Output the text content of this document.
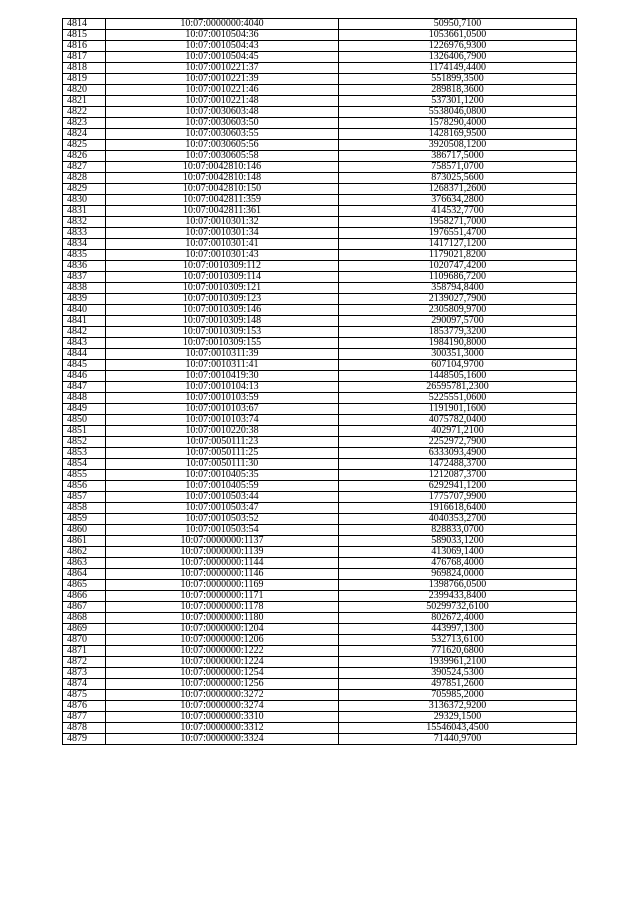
4814	10:07:0000000:4040	50950,7100
4815	10:07:0010504:36	1053661,0500
4816	10:07:0010504:43	1226976,9300
4817	10:07:0010504:45	1326406,7900
4818	10:07:0010221:37	1174149,4400
4819	10:07:0010221:39	551899,3500
4820	10:07:0010221:46	289818,3600
4821	10:07:0010221:48	537301,1200
4822	10:07:0030603:48	5538046,0800
4823	10:07:0030603:50	1578290,4000
4824	10:07:0030603:55	1428169,9500
4825	10:07:0030605:56	3920508,1200
4826	10:07:0030605:58	386717,5000
4827	10:07:0042810:146	758571,0700
4828	10:07:0042810:148	873025,5600
4829	10:07:0042810:150	1268371,2600
4830	10:07:0042811:359	376634,2800
4831	10:07:0042811:361	414532,7700
4832	10:07:0010301:32	1958271,7000
4833	10:07:0010301:34	1976551,4700
4834	10:07:0010301:41	1417127,1200
4835	10:07:0010301:43	1179021,8200
4836	10:07:0010309:112	1020747,4200
4837	10:07:0010309:114	1109686,7200
4838	10:07:0010309:121	358794,8400
4839	10:07:0010309:123	2139027,7900
4840	10:07:0010309:146	2305809,9700
4841	10:07:0010309:148	290097,5700
4842	10:07:0010309:153	1853779,3200
4843	10:07:0010309:155	1984190,8000
4844	10:07:0010311:39	300351,3000
4845	10:07:0010311:41	607104,9700
4846	10:07:0010419:30	1448505,1600
4847	10:07:0010104:13	26595781,2300
4848	10:07:0010103:59	5225551,0600
4849	10:07:0010103:67	1191901,1600
4850	10:07:0010103:74	4075782,0400
4851	10:07:0010220:38	402971,2100
4852	10:07:0050111:23	2252972,7900
4853	10:07:0050111:25	6333093,4900
4854	10:07:0050111:30	1472488,3700
4855	10:07:0010405:35	1212087,3700
4856	10:07:0010405:59	6292941,1200
4857	10:07:0010503:44	1775707,9900
4858	10:07:0010503:47	1916618,6400
4859	10:07:0010503:52	4040353,2700
4860	10:07:0010503:54	828833,0700
4861	10:07:0000000:1137	589033,1200
4862	10:07:0000000:1139	413069,1400
4863	10:07:0000000:1144	476768,4000
4864	10:07:0000000:1146	969824,0000
4865	10:07:0000000:1169	1398766,0500
4866	10:07:0000000:1171	2399433,8400
4867	10:07:0000000:1178	50299732,6100
4868	10:07:0000000:1180	802672,4000
4869	10:07:0000000:1204	443997,1300
4870	10:07:0000000:1206	532713,6100
4871	10:07:0000000:1222	771620,6800
4872	10:07:0000000:1224	1939961,2100
4873	10:07:0000000:1254	390524,5300
4874	10:07:0000000:1256	497851,2600
4875	10:07:0000000:3272	705985,2000
4876	10:07:0000000:3274	3136372,9200
4877	10:07:0000000:3310	29329,1500
4878	10:07:0000000:3312	15546043,4500
4879	10:07:0000000:3324	71440,9700
